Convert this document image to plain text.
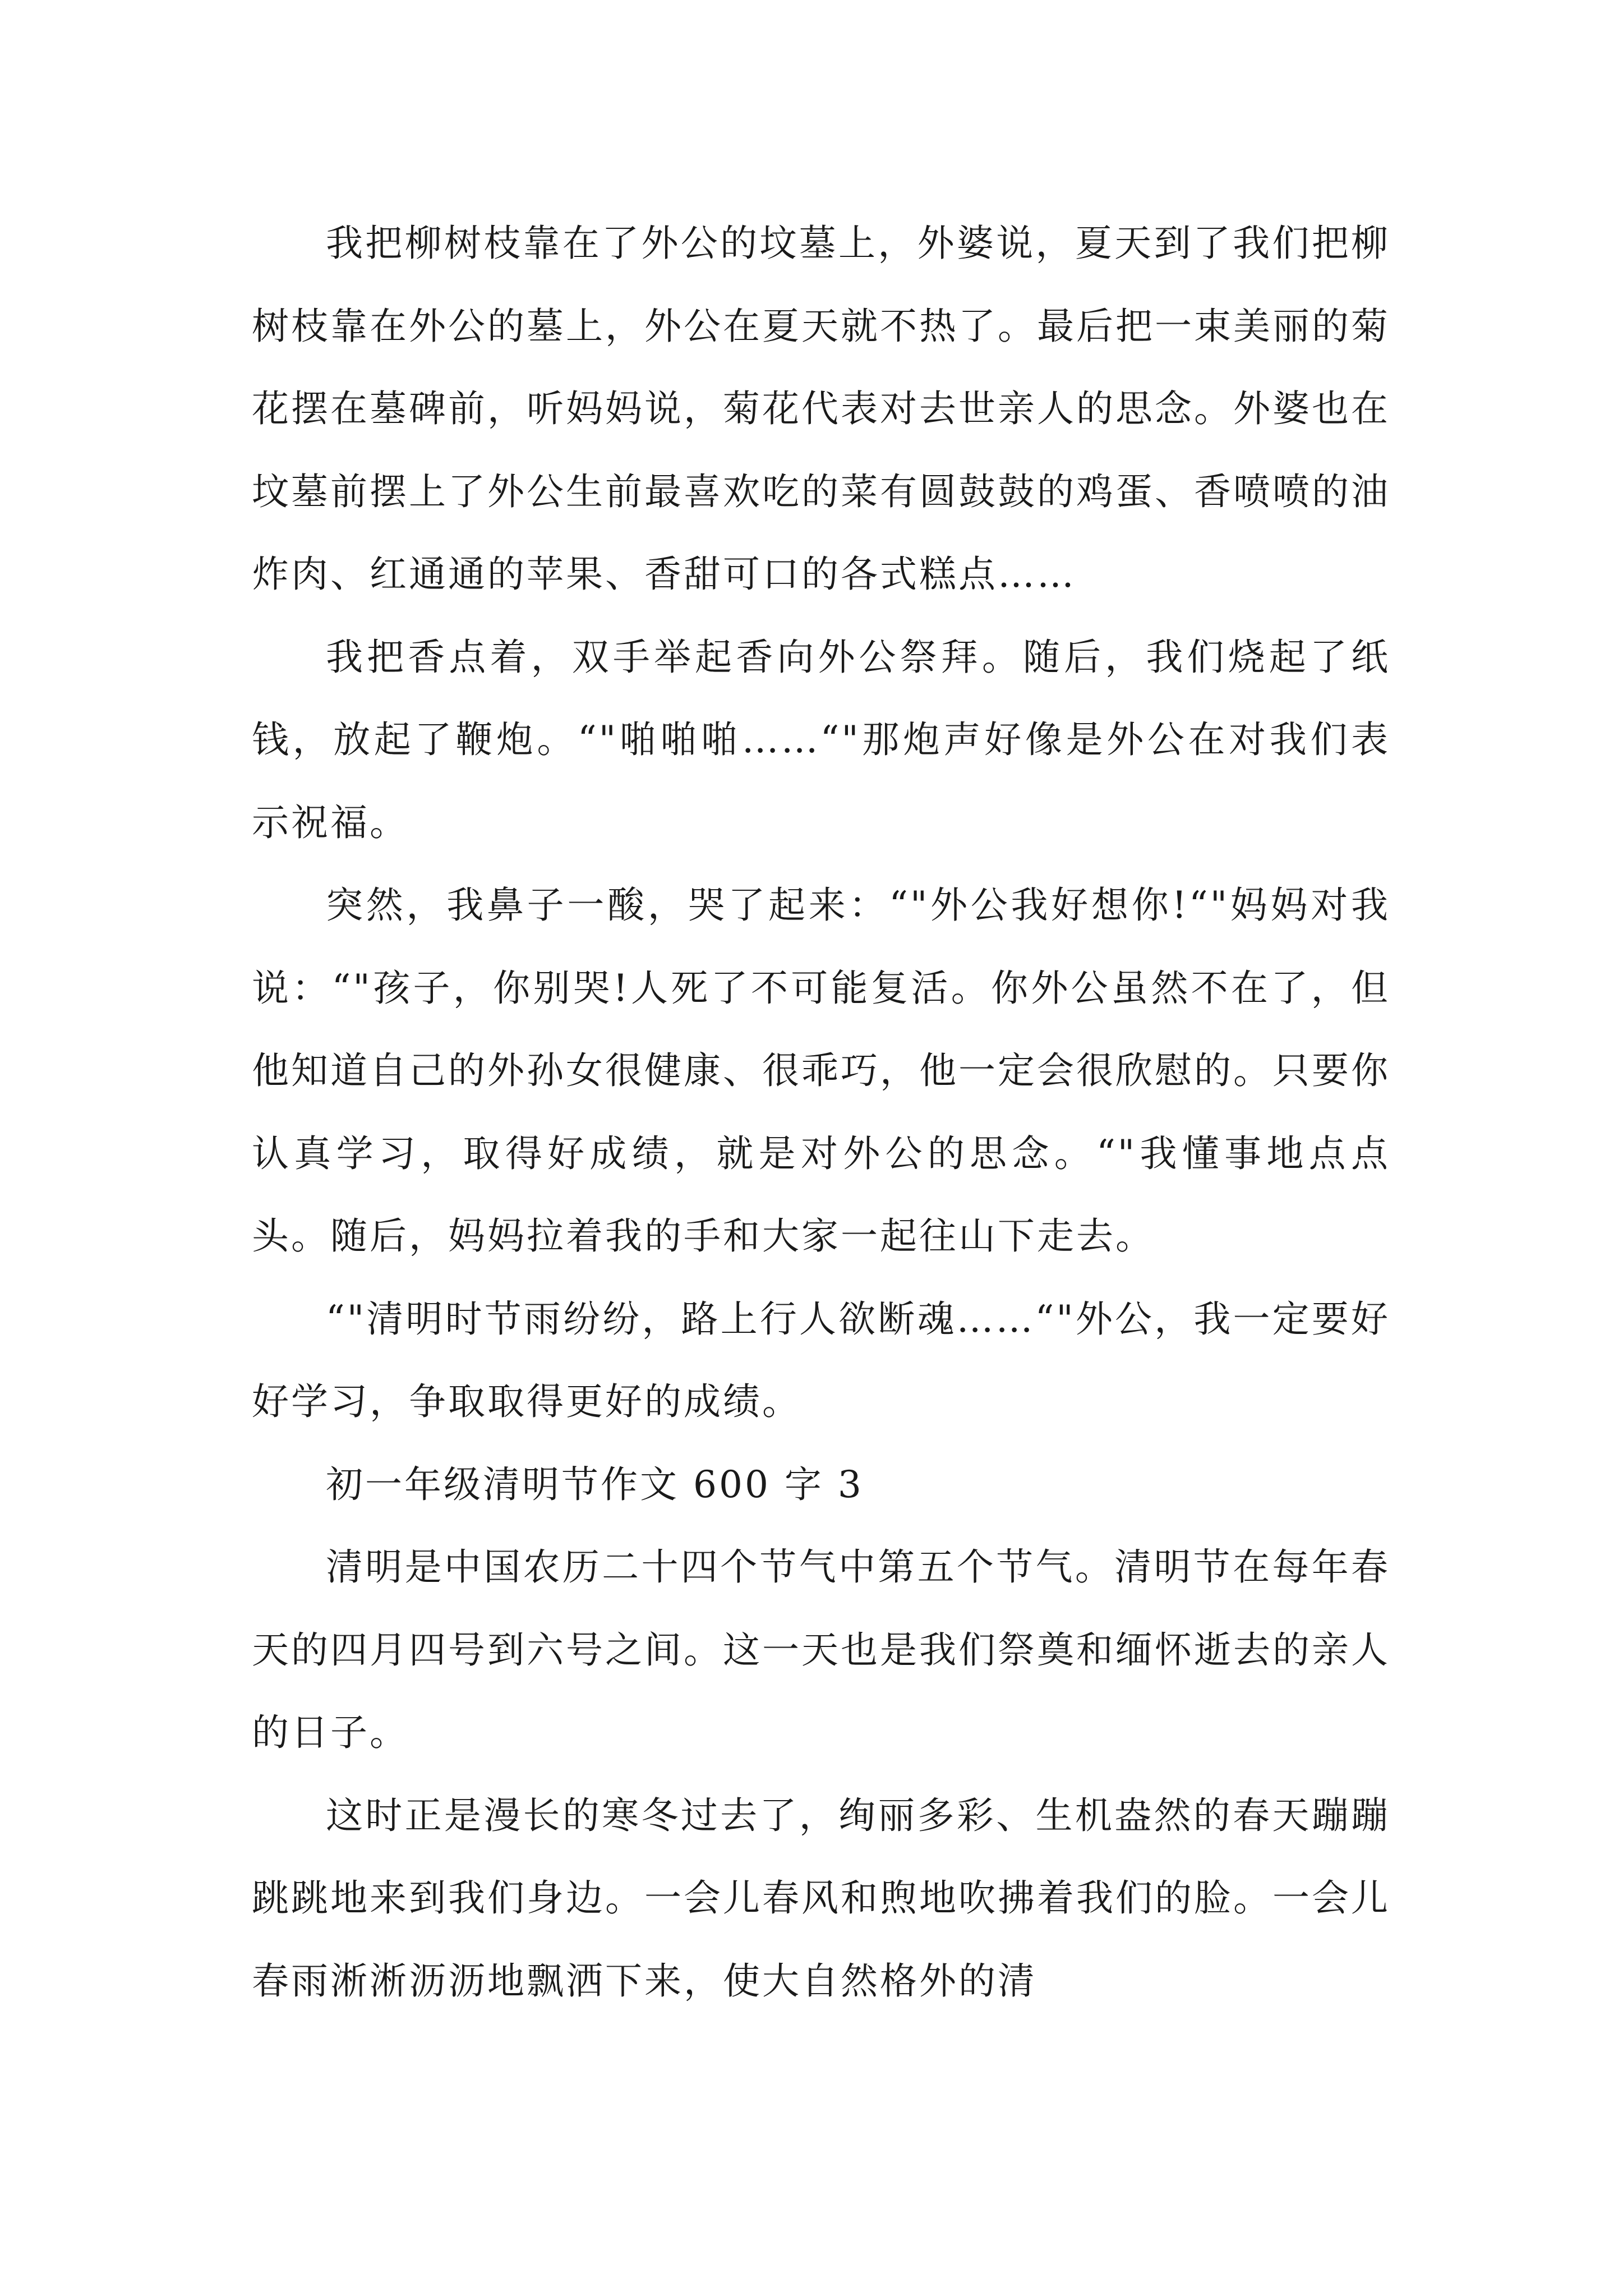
我把柳树枝靠在了外公的坟墓上，外婆说，夏天到了我们把柳树枝靠在外公的墓上，外公在夏天就不热了。最后把一束美丽的菊花摆在墓碑前，听妈妈说，菊花代表对去世亲人的思念。外婆也在坟墓前摆上了外公生前最喜欢吃的菜有圆鼓鼓的鸡蛋、香喷喷的油炸肉、红通通的苹果、香甜可口的各式糕点……

我把香点着，双手举起香向外公祭拜。随后，我们烧起了纸钱，放起了鞭炮。“"啪啪啪……“"那炮声好像是外公在对我们表示祝福。

突然，我鼻子一酸，哭了起来：“"外公我好想你!“"妈妈对我说：“"孩子，你别哭!人死了不可能复活。你外公虽然不在了，但他知道自己的外孙女很健康、很乖巧，他一定会很欣慰的。只要你认真学习，取得好成绩，就是对外公的思念。“"我懂事地点点头。随后，妈妈拉着我的手和大家一起往山下走去。

“"清明时节雨纷纷，路上行人欲断魂……“"外公，我一定要好好学习，争取取得更好的成绩。

初一年级清明节作文 600 字 3

清明是中国农历二十四个节气中第五个节气。清明节在每年春天的四月四号到六号之间。这一天也是我们祭奠和缅怀逝去的亲人的日子。

这时正是漫长的寒冬过去了，绚丽多彩、生机盎然的春天蹦蹦跳跳地来到我们身边。一会儿春风和煦地吹拂着我们的脸。一会儿春雨淅淅沥沥地飘洒下来，使大自然格外的清
